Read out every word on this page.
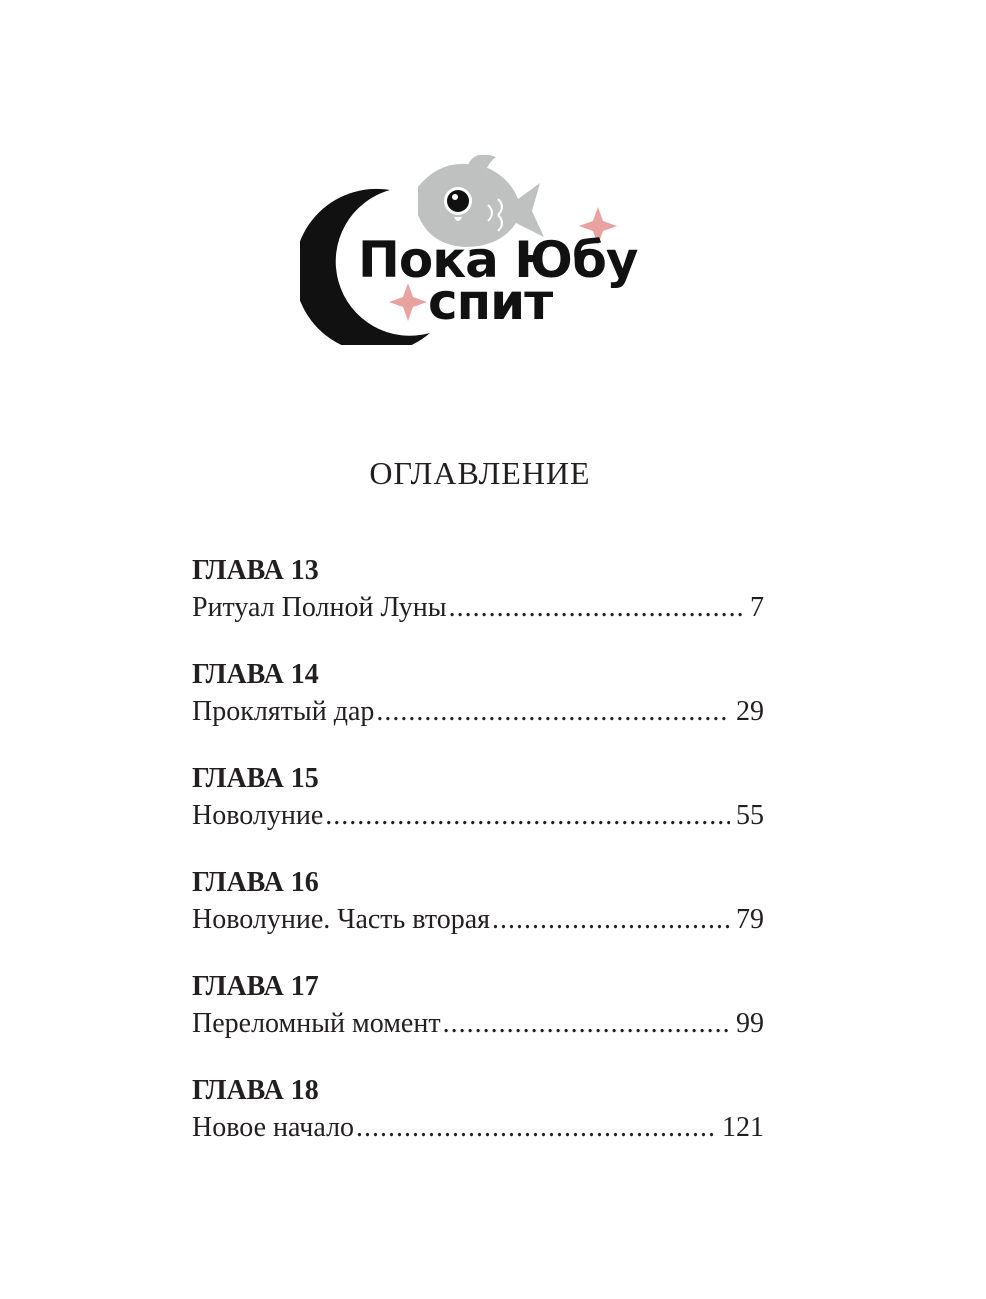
Пока Юбу
спит
ОГЛАВЛЕНИЕ
ГЛАВА 13
Ритуал Полной Луны .....	7
ГЛАВА 14
Проклятый дар .....	29
ГЛАВА 15
Новолуние .....	55
ГЛАВА 16
Новолуние. Часть вторая .....	79
ГЛАВА 17
Переломный момент .....	99
ГЛАВА 18
Новое начало .....	121
